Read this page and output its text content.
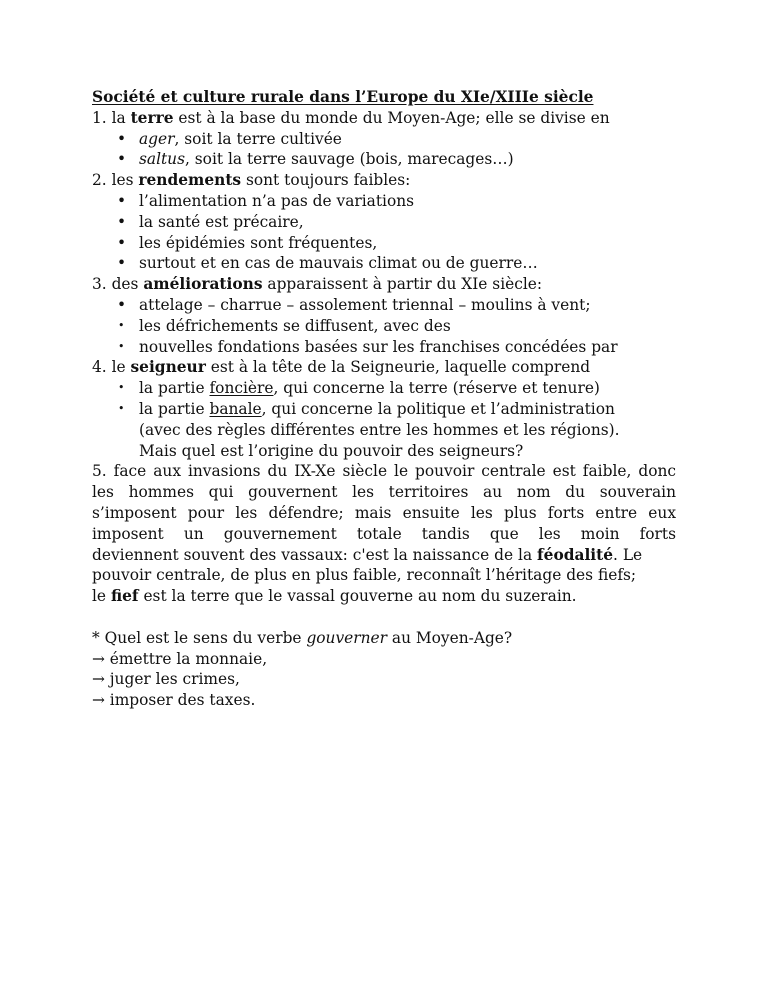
Société et culture rurale dans l’Europe du XIe/XIIIe siècle
1. la terre est à la base du monde du Moyen-Age; elle se divise en
• ager, soit la terre cultivée
• saltus, soit la terre sauvage (bois, marecages…)
2. les rendements sont toujours faibles:
• l’alimentation n’a pas de variations
• la santé est précaire,
• les épidémies sont fréquentes,
• surtout et en cas de mauvais climat ou de guerre…
3. des améliorations apparaissent à partir du XIe siècle:
• attelage – charrue – assolement triennal – moulins à vent;
• les défrichements se diffusent, avec des
• nouvelles fondations basées sur les franchises concédées par
4. le seigneur est à la tête de la Seigneurie, laquelle comprend
• la partie foncière, qui concerne la terre (réserve et tenure)
• la partie banale, qui concerne la politique et l’administration
(avec des règles différentes entre les hommes et les régions).
Mais quel est l’origine du pouvoir des seigneurs?
5. face aux invasions du IX-Xe siècle le pouvoir centrale est faible, donc
les hommes qui gouvernent les territoires au nom du souverain
s’imposent pour les défendre; mais ensuite les plus forts entre eux
imposent un gouvernement totale tandis que les moin forts
deviennent souvent des vassaux: c'est la naissance de la féodalité. Le
pouvoir centrale, de plus en plus faible, reconnaît l’héritage des fiefs;
le fief est la terre que le vassal gouverne au nom du suzerain.
* Quel est le sens du verbe gouverner au Moyen-Age?
→ émettre la monnaie,
→ juger les crimes,
→ imposer des taxes.
